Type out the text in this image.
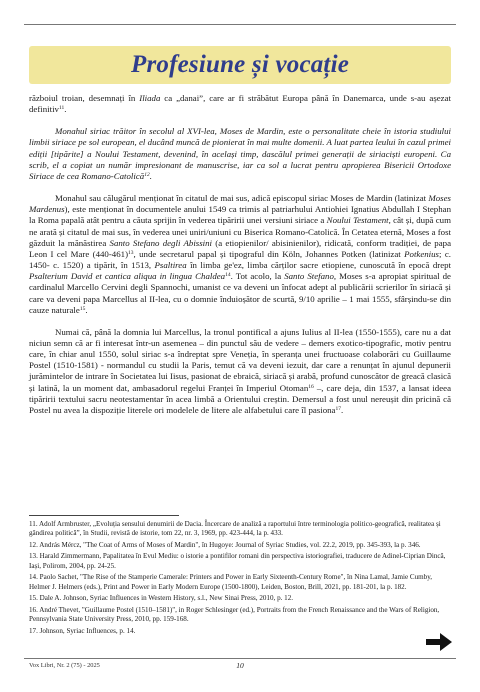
Profesiune și vocație

războiul troian, desemnați în Iliada ca „danai”, care ar fi străbătut Europa până în Danemarca, unde s-au așezat definitiv$^{11}$.

Monahul siriac trăitor în secolul al XVI-lea, Moses de Mardin, este o personalitate cheie în istoria studiului limbii siriace pe sol european, el ducând muncă de pionierat în mai multe domenii. A luat partea leului în cazul primei ediții [tipărite] a Noului Testament, devenind, în același timp, dascălul primei generații de siriaciști europeni. Ca scrib, el a copiat un număr impresionant de manuscrise, iar ca sol a lucrat pentru apropierea Bisericii Ortodoxe Siriace de cea Romano-Catolică$^{12}$.

Monahul sau călugărul menționat în citatul de mai sus, adică episcopul siriac Moses de Mardin (latinizat Moses Mardenus), este menționat în documentele anului 1549 ca trimis al patriarhului Antiohiei Ignatius Abdullah I Stephan la Roma papală atât pentru a căuta sprijin în vederea tipăririi unei versiuni siriace a Noului Testament, cât și, după cum ne arată și citatul de mai sus, în vederea unei uniri/uniuni cu Biserica Romano-Catolică. În Cetatea eternă, Moses a fost găzduit la mănăstirea Santo Stefano degli Abissini (a etiopienilor/ abisinienilor), ridicată, conform tradiției, de papa Leon I cel Mare $(440-461)^{13}$, unde secretarul papal și tipograful din Köln, Johannes Potken (latinizat Potkenius; c. 1450- c. 1520) a tipărit, în 1513, Psaltirea în limba ge'ez, limba cărților sacre etiopiene, cunoscută în epocă drept Psalterium David et cantica aliqua in lingua Chaldea$^{14}$. Tot acolo, la Santo Stefano, Moses s-a apropiat spiritual de cardinalul Marcello Cervini degli Spannochi, umanist ce va deveni un înfocat adept al publicării scrierilor în siriacă și care va deveni papa Marcellus al II-lea, cu o domnie înduioșător de scurtă, 9/10 aprilie – 1 mai 1555, sfârșindu-se din cauze naturale$^{15}$.

Numai că, până la domnia lui Marcellus, la tronul pontifical a ajuns Iulius al II-lea (1550-1555), care nu a dat niciun semn că ar fi interesat într-un asemenea – din punctul său de vedere – demers exotico-tipografic, motiv pentru care, în chiar anul 1550, solul siriac s-a îndreptat spre Veneția, în speranța unei fructuoase colaborări cu Guillaume Postel (1510-1581) - normandul cu studii la Paris, temut că va deveni iezuit, dar care a renunțat în ajunul depunerii jurămintelor de intrare în Societatea lui Iisus, pasionat de ebraică, siriacă și arabă, profund cunoscător de greacă clasică și latină, la un moment dat, ambasadorul regelui Franței în Imperiul Otoman$^{16}$ –, care deja, din 1537, a lansat ideea tipăririi textului sacru neotestamentar în acea limbă a Orientului creștin. Demersul a fost unul nereușit din pricină că Postel nu avea la dispoziție literele ori modelele de litere ale alfabetului care îl pasiona$^{17}$.

11. Adolf Armbruster, „Evoluția sensului denumirii de Dacia. Încercare de analiză a raportului între terminologia politico-geografică, realitatea și gândirea politică”, în Studii, revistă de istorie, tom 22, nr. 3, 1969, pp. 423-444, la p. 433.

12. András Mércz, "The Coat of Arms of Moses of Mardin", în Hugoye: Journal of Syriac Studies, vol. 22.2, 2019, pp. 345-393, la p. 346.

13. Harald Zimmermann, Papalitatea în Evul Mediu: o istorie a pontifilor romani din perspectiva istoriografiei, traducere de Adinel-Ciprian Dincă, Iași, Polirom, 2004, pp. 24-25.

14. Paolo Sachet, "The Rise of the Stamperie Camerale: Printers and Power in Early Sixteenth-Century Rome", în Nina Lamal, Jamie Cumby, Helmer J. Helmers (eds.), Print and Power in Early Modern Europe (1500-1800), Leiden, Boston, Brill, 2021, pp. 181-201, la p. 182.

15. Dale A. Johnson, Syriac Influences in Western History, s.l., New Sinai Press, 2010, p. 12.

16. André Thevet, "Guillaume Postel (1510–1581)", in Roger Schlesinger (ed.), Portraits from the French Renaissance and the Wars of Religion, Pennsylvania State University Press, 2010, pp. 159-168.

17. Johnson, Syriac Influences, p. 14.

Vox Libri, Nr. 2 (75) - 2025	10
